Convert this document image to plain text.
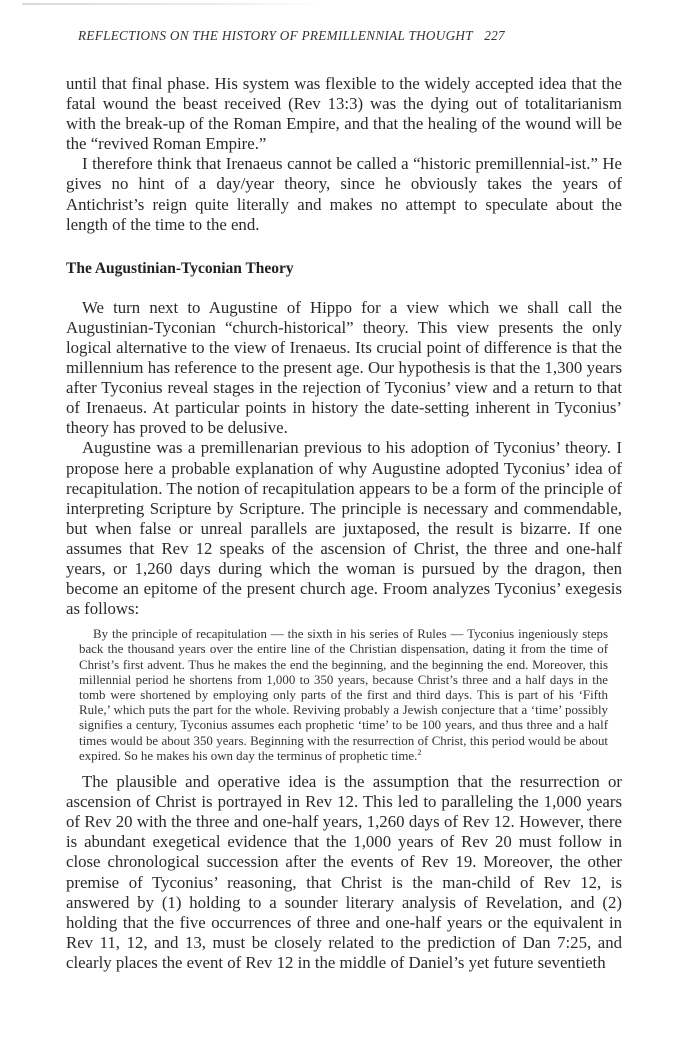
REFLECTIONS ON THE HISTORY OF PREMILLENNIAL THOUGHT 227

until that final phase. His system was flexible to the widely accepted idea that the fatal wound the beast received (Rev 13:3) was the dying out of totalitarianism with the break-up of the Roman Empire, and that the healing of the wound will be the “revived Roman Empire.”

I therefore think that Irenaeus cannot be called a “historic premillennial-ist.” He gives no hint of a day/year theory, since he obviously takes the years of Antichrist’s reign quite literally and makes no attempt to speculate about the length of the time to the end.

The Augustinian-Tyconian Theory

We turn next to Augustine of Hippo for a view which we shall call the Augustinian-Tyconian “church-historical” theory. This view presents the only logical alternative to the view of Irenaeus. Its crucial point of difference is that the millennium has reference to the present age. Our hypothesis is that the 1,300 years after Tyconius reveal stages in the rejection of Tyconius’ view and a return to that of Irenaeus. At particular points in history the date-setting inherent in Tyconius’ theory has proved to be delusive.

Augustine was a premillenarian previous to his adoption of Tyconius’ theory. I propose here a probable explanation of why Augustine adopted Tyconius’ idea of recapitulation. The notion of recapitulation appears to be a form of the principle of interpreting Scripture by Scripture. The principle is necessary and commendable, but when false or unreal parallels are juxtaposed, the result is bizarre. If one assumes that Rev 12 speaks of the ascension of Christ, the three and one-half years, or 1,260 days during which the woman is pursued by the dragon, then become an epitome of the present church age. Froom analyzes Tyconius’ exegesis as follows:

By the principle of recapitulation — the sixth in his series of Rules — Tyconius ingeniously steps back the thousand years over the entire line of the Christian dispensation, dating it from the time of Christ’s first advent. Thus he makes the end the beginning, and the beginning the end. Moreover, this millennial period he shortens from 1,000 to 350 years, because Christ’s three and a half days in the tomb were shortened by employing only parts of the first and third days. This is part of his ‘Fifth Rule,’ which puts the part for the whole. Reviving probably a Jewish conjecture that a ‘time’ possibly signifies a century, Tyconius assumes each prophetic ‘time’ to be 100 years, and thus three and a half times would be about 350 years. Beginning with the resurrection of Christ, this period would be about expired. So he makes his own day the terminus of prophetic time.$^2$

The plausible and operative idea is the assumption that the resurrection or ascension of Christ is portrayed in Rev 12. This led to paralleling the 1,000 years of Rev 20 with the three and one-half years, 1,260 days of Rev 12. However, there is abundant exegetical evidence that the 1,000 years of Rev 20 must follow in close chronological succession after the events of Rev 19. Moreover, the other premise of Tyconius’ reasoning, that Christ is the man-child of Rev 12, is answered by (1) holding to a sounder literary analysis of Revelation, and (2) holding that the five occurrences of three and one-half years or the equivalent in Rev 11, 12, and 13, must be closely related to the prediction of Dan 7:25, and clearly places the event of Rev 12 in the middle of Daniel’s yet future seventieth
